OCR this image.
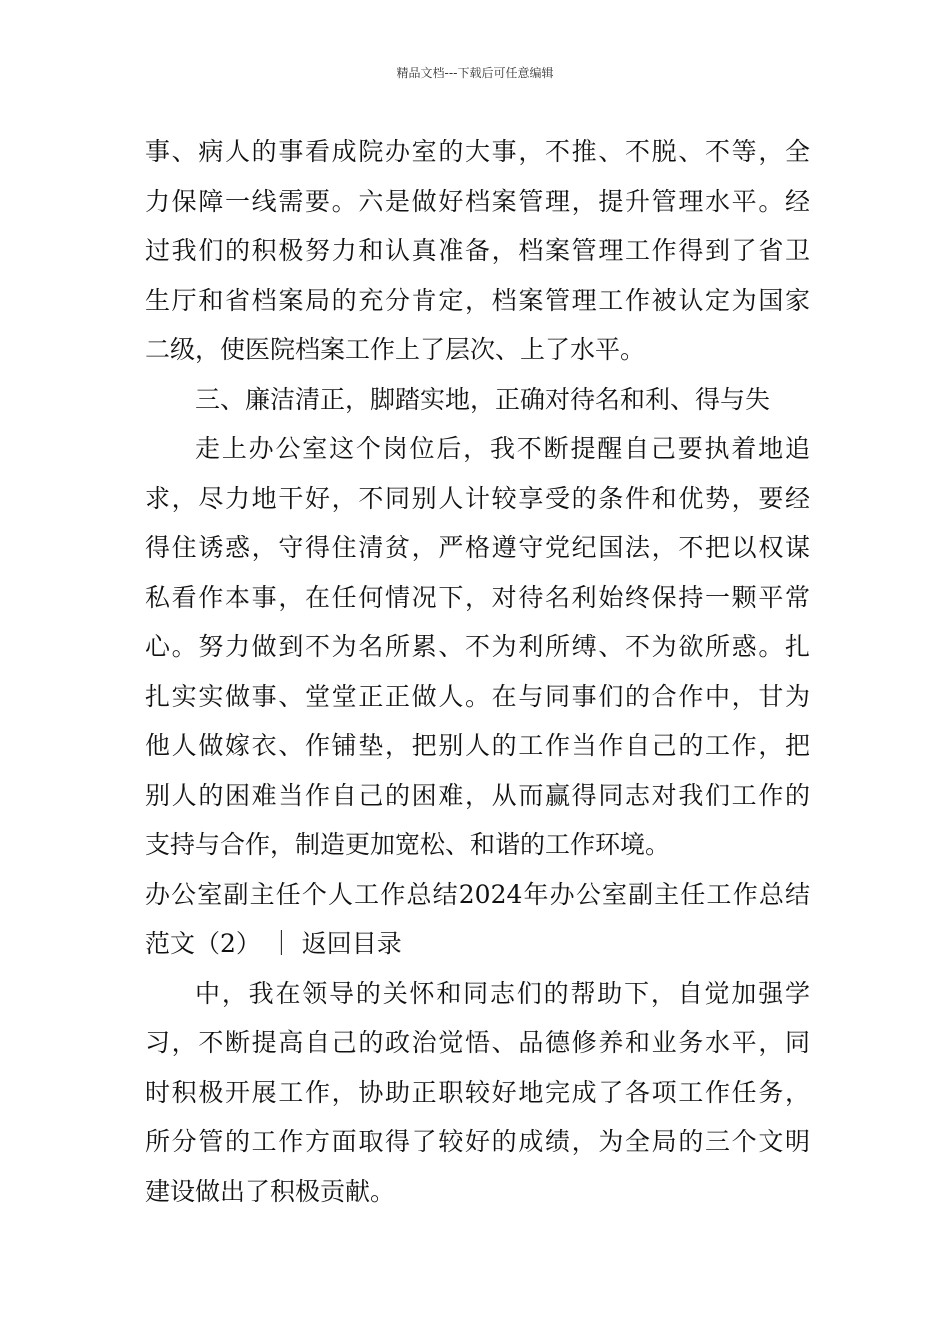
精品文档---下载后可任意编辑
事、病人的事看成院办室的大事，不推、不脱、不等，全
力保障一线需要。六是做好档案管理，提升管理水平。经
过我们的积极努力和认真准备，档案管理工作得到了省卫
生厅和省档案局的充分肯定，档案管理工作被认定为国家
二级，使医院档案工作上了层次、上了水平。
三、廉洁清正，脚踏实地，正确对待名和利、得与失
走上办公室这个岗位后，我不断提醒自己要执着地追
求，尽力地干好，不同别人计较享受的条件和优势，要经
得住诱惑，守得住清贫，严格遵守党纪国法，不把以权谋
私看作本事，在任何情况下，对待名利始终保持一颗平常
心。努力做到不为名所累、不为利所缚、不为欲所惑。扎
扎实实做事、堂堂正正做人。在与同事们的合作中，甘为
他人做嫁衣、作铺垫，把别人的工作当作自己的工作，把
别人的困难当作自己的困难，从而赢得同志对我们工作的
支持与合作，制造更加宽松、和谐的工作环境。
办公室副主任个人工作总结2024年办公室副主任工作总结
范文（2） ｜ 返回目录
中，我在领导的关怀和同志们的帮助下，自觉加强学
习，不断提高自己的政治觉悟、品德修养和业务水平，同
时积极开展工作，协助正职较好地完成了各项工作任务，
所分管的工作方面取得了较好的成绩，为全局的三个文明
建设做出了积极贡献。
